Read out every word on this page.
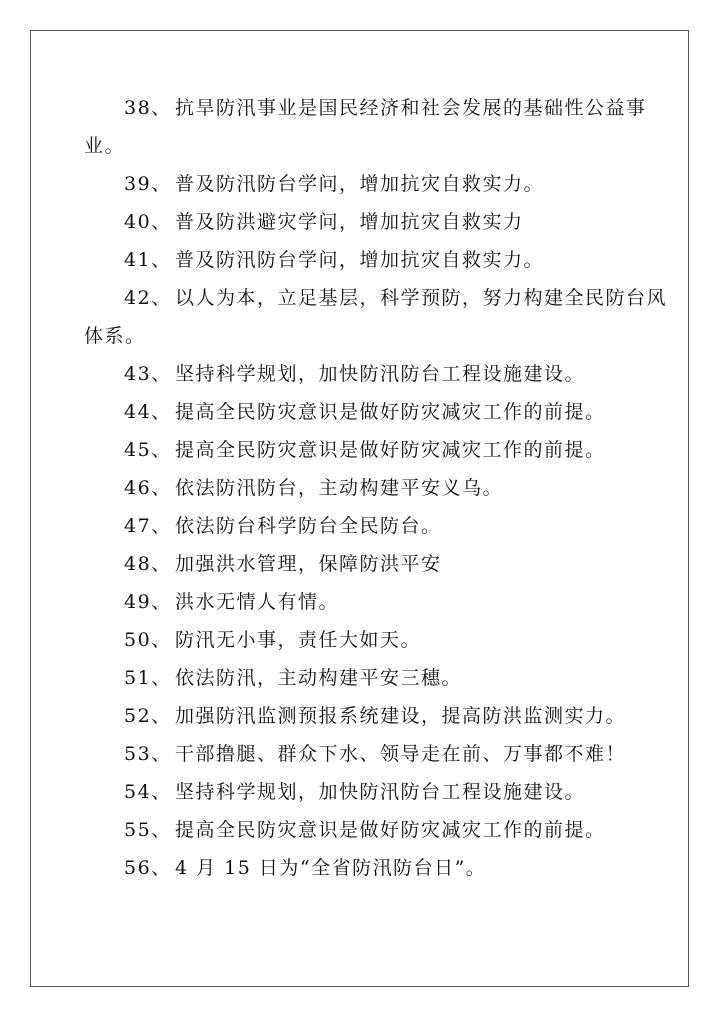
38、 抗旱防汛事业是国民经济和社会发展的基础性公益事
业。
39、 普及防汛防台学问，增加抗灾自救实力。
40、 普及防洪避灾学问，增加抗灾自救实力
41、 普及防汛防台学问，增加抗灾自救实力。
42、 以人为本，立足基层，科学预防，努力构建全民防台风
体系。
43、 坚持科学规划，加快防汛防台工程设施建设。
44、 提高全民防灾意识是做好防灾减灾工作的前提。
45、 提高全民防灾意识是做好防灾减灾工作的前提。
46、 依法防汛防台，主动构建平安义乌。
47、 依法防台科学防台全民防台。
48、 加强洪水管理，保障防洪平安
49、 洪水无情人有情。
50、 防汛无小事，责任大如天。
51、 依法防汛，主动构建平安三穗。
52、 加强防汛监测预报系统建设，提高防洪监测实力。
53、 干部撸腿、群众下水、领导走在前、万事都不难！
54、 坚持科学规划，加快防汛防台工程设施建设。
55、 提高全民防灾意识是做好防灾减灾工作的前提。
56、 4 月 15 日为“全省防汛防台日”。
